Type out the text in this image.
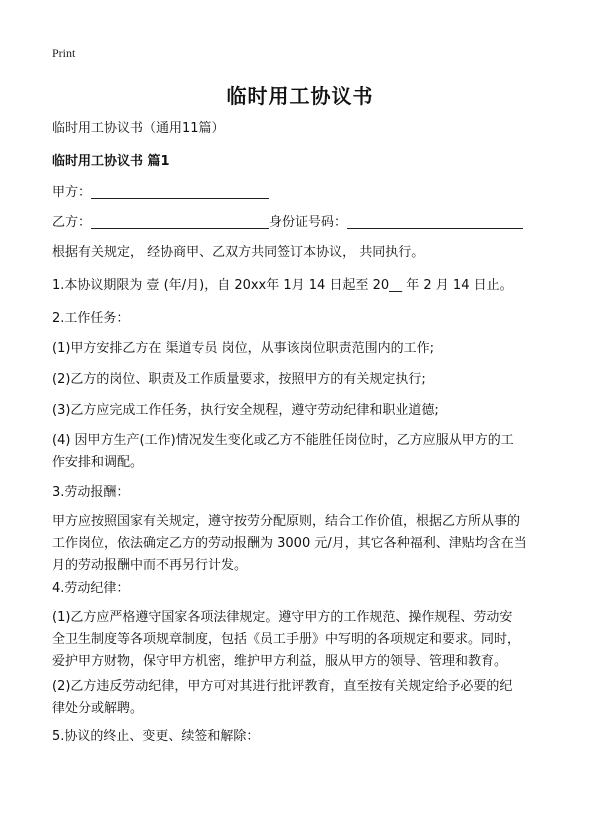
Print
临时用工协议书
临时用工协议书（通用11篇）
临时用工协议书 篇1
甲方：
乙方：	身份证号码：
根据有关规定， 经协商甲、乙双方共同签订本协议， 共同执行。
1.本协议期限为 壹 (年/月)，自 20xx年 1月 14 日起至 20__ 年 2 月 14 日止。
2.工作任务：
(1)甲方安排乙方在 渠道专员 岗位，从事该岗位职责范围内的工作;
(2)乙方的岗位、职责及工作质量要求，按照甲方的有关规定执行;
(3)乙方应完成工作任务，执行安全规程，遵守劳动纪律和职业道德;
(4) 因甲方生产(工作)情况发生变化或乙方不能胜任岗位时，乙方应服从甲方的工
作安排和调配。
3.劳动报酬：
甲方应按照国家有关规定，遵守按劳分配原则，结合工作价值，根据乙方所从事的
工作岗位，依法确定乙方的劳动报酬为 3000 元/月，其它各种福利、津贴均含在当
月的劳动报酬中而不再另行计发。
4.劳动纪律：
(1)乙方应严格遵守国家各项法律规定。遵守甲方的工作规范、操作规程、劳动安
全卫生制度等各项规章制度，包括《员工手册》中写明的各项规定和要求。同时，
爱护甲方财物，保守甲方机密，维护甲方利益，服从甲方的领导、管理和教育。
(2)乙方违反劳动纪律，甲方可对其进行批评教育，直至按有关规定给予必要的纪
律处分或解聘。
5.协议的终止、变更、续签和解除：
